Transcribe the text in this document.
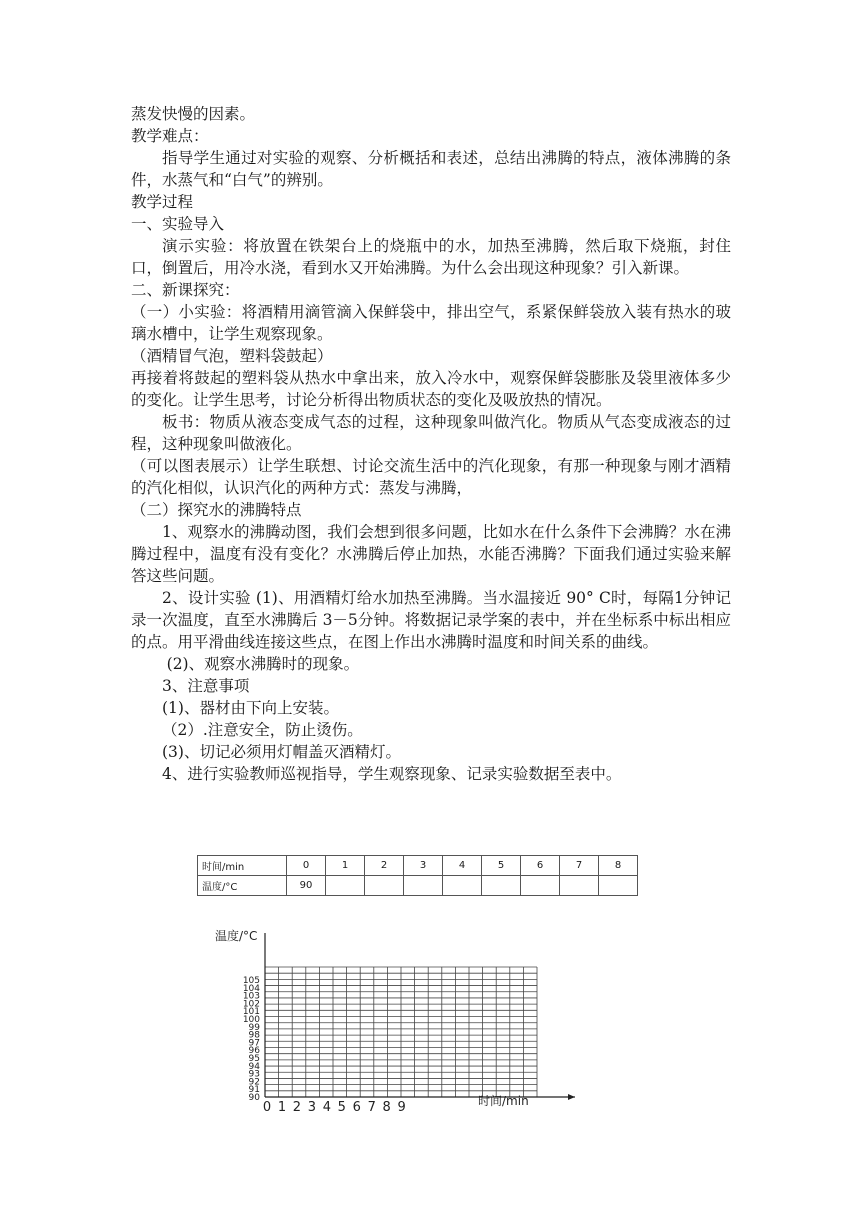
蒸发快慢的因素。

教学难点：

指导学生通过对实验的观察、分析概括和表述，总结出沸腾的特点，液体沸腾的条件，水蒸气和“白气”的辨别。

教学过程

一、实验导入

演示实验：将放置在铁架台上的烧瓶中的水，加热至沸腾，然后取下烧瓶，封住口，倒置后，用冷水浇，看到水又开始沸腾。为什么会出现这种现象？引入新课。

二、新课探究：

（一）小实验：将酒精用滴管滴入保鲜袋中，排出空气，系紧保鲜袋放入装有热水的玻璃水槽中，让学生观察现象。

（酒精冒气泡，塑料袋鼓起）

再接着将鼓起的塑料袋从热水中拿出来，放入冷水中，观察保鲜袋膨胀及袋里液体多少的变化。让学生思考，讨论分析得出物质状态的变化及吸放热的情况。

板书：物质从液态变成气态的过程，这种现象叫做汽化。物质从气态变成液态的过程，这种现象叫做液化。

（可以图表展示）让学生联想、讨论交流生活中的汽化现象，有那一种现象与刚才酒精的汽化相似，认识汽化的两种方式：蒸发与沸腾，

（二）探究水的沸腾特点

1、观察水的沸腾动图，我们会想到很多问题，比如水在什么条件下会沸腾？水在沸腾过程中，温度有没有变化？水沸腾后停止加热，水能否沸腾？下面我们通过实验来解答这些问题。

2、设计实验 (1)、用酒精灯给水加热至沸腾。当水温接近 90° C时，每隔1分钟记录一次温度，直至水沸腾后 3－5分钟。将数据记录学案的表中，并在坐标系中标出相应的点。用平滑曲线连接这些点，在图上作出水沸腾时温度和时间关系的曲线。

(2)、观察水沸腾时的现象。

3、注意事项

(1)、器材由下向上安装。

（2）.注意安全，防止烫伤。

(3)、切记必须用灯帽盖灭酒精灯。

4、进行实验教师巡视指导，学生观察现象、记录实验数据至表中。

时间/min	0	1	2	3	4	5	6	7	8
温度/°C	90								
温度/°C
时间/min
90
91
92
93
94
95
96
97
98
99
100
101
102
103
104
105
0 1 2 3 4 5 6 7 8 9
